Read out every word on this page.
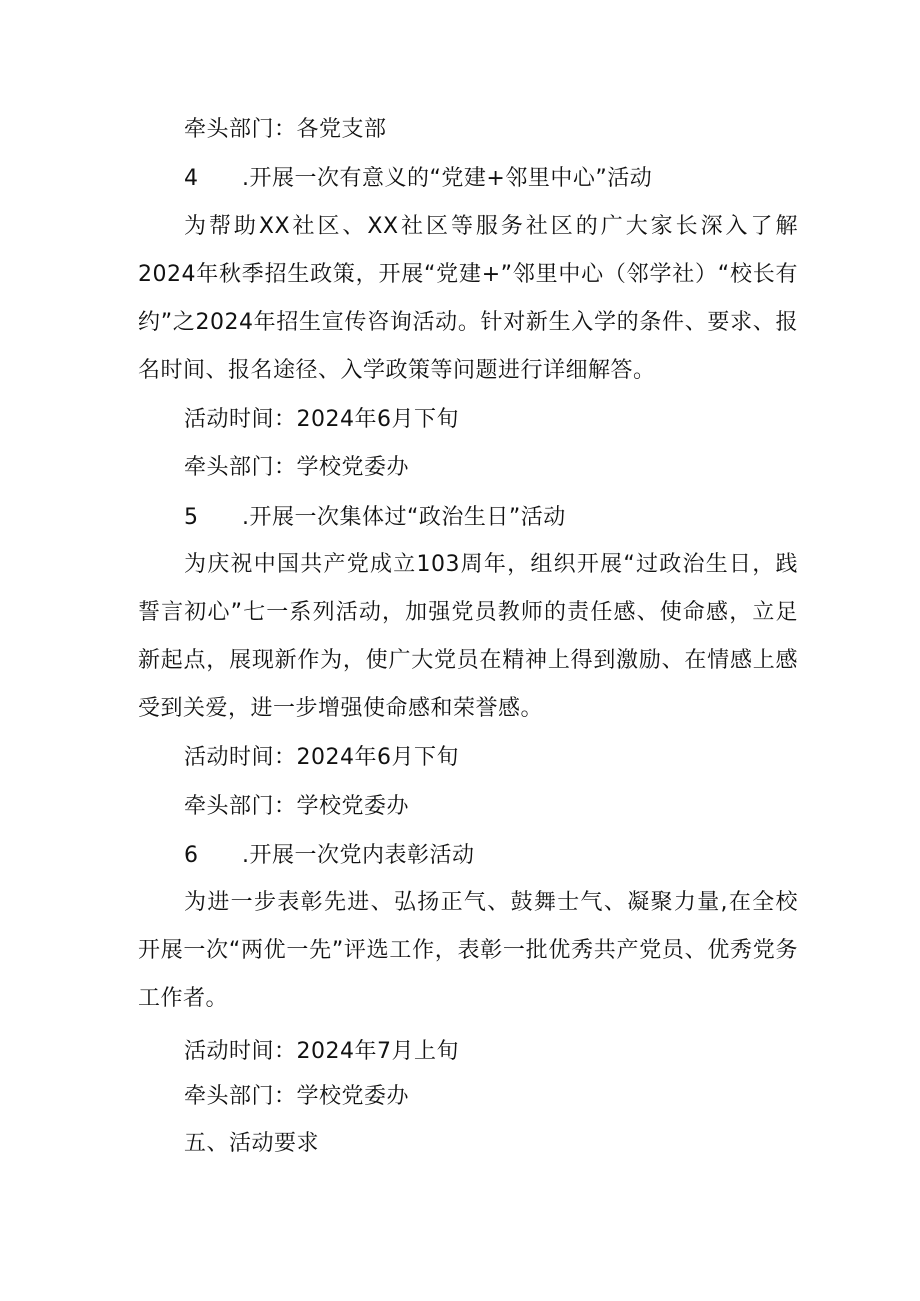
牵头部门：各党支部
4 .开展一次有意义的“党建+邻里中心”活动
为帮助XX社区、XX社区等服务社区的广大家长深入了解2024年秋季招生政策，开展“党建+”邻里中心（邻学社）“校长有约”之2024年招生宣传咨询活动。针对新生入学的条件、要求、报名时间、报名途径、入学政策等问题进行详细解答。
活动时间：2024年6月下旬
牵头部门：学校党委办
5 .开展一次集体过“政治生日”活动
为庆祝中国共产党成立103周年，组织开展“过政治生日，践誓言初心”七一系列活动，加强党员教师的责任感、使命感，立足新起点，展现新作为，使广大党员在精神上得到激励、在情感上感受到关爱，进一步增强使命感和荣誉感。
活动时间：2024年6月下旬
牵头部门：学校党委办
6 .开展一次党内表彰活动
为进一步表彰先进、弘扬正气、鼓舞士气、凝聚力量,在全校开展一次“两优一先”评选工作，表彰一批优秀共产党员、优秀党务工作者。
活动时间：2024年7月上旬
牵头部门：学校党委办
五、活动要求
